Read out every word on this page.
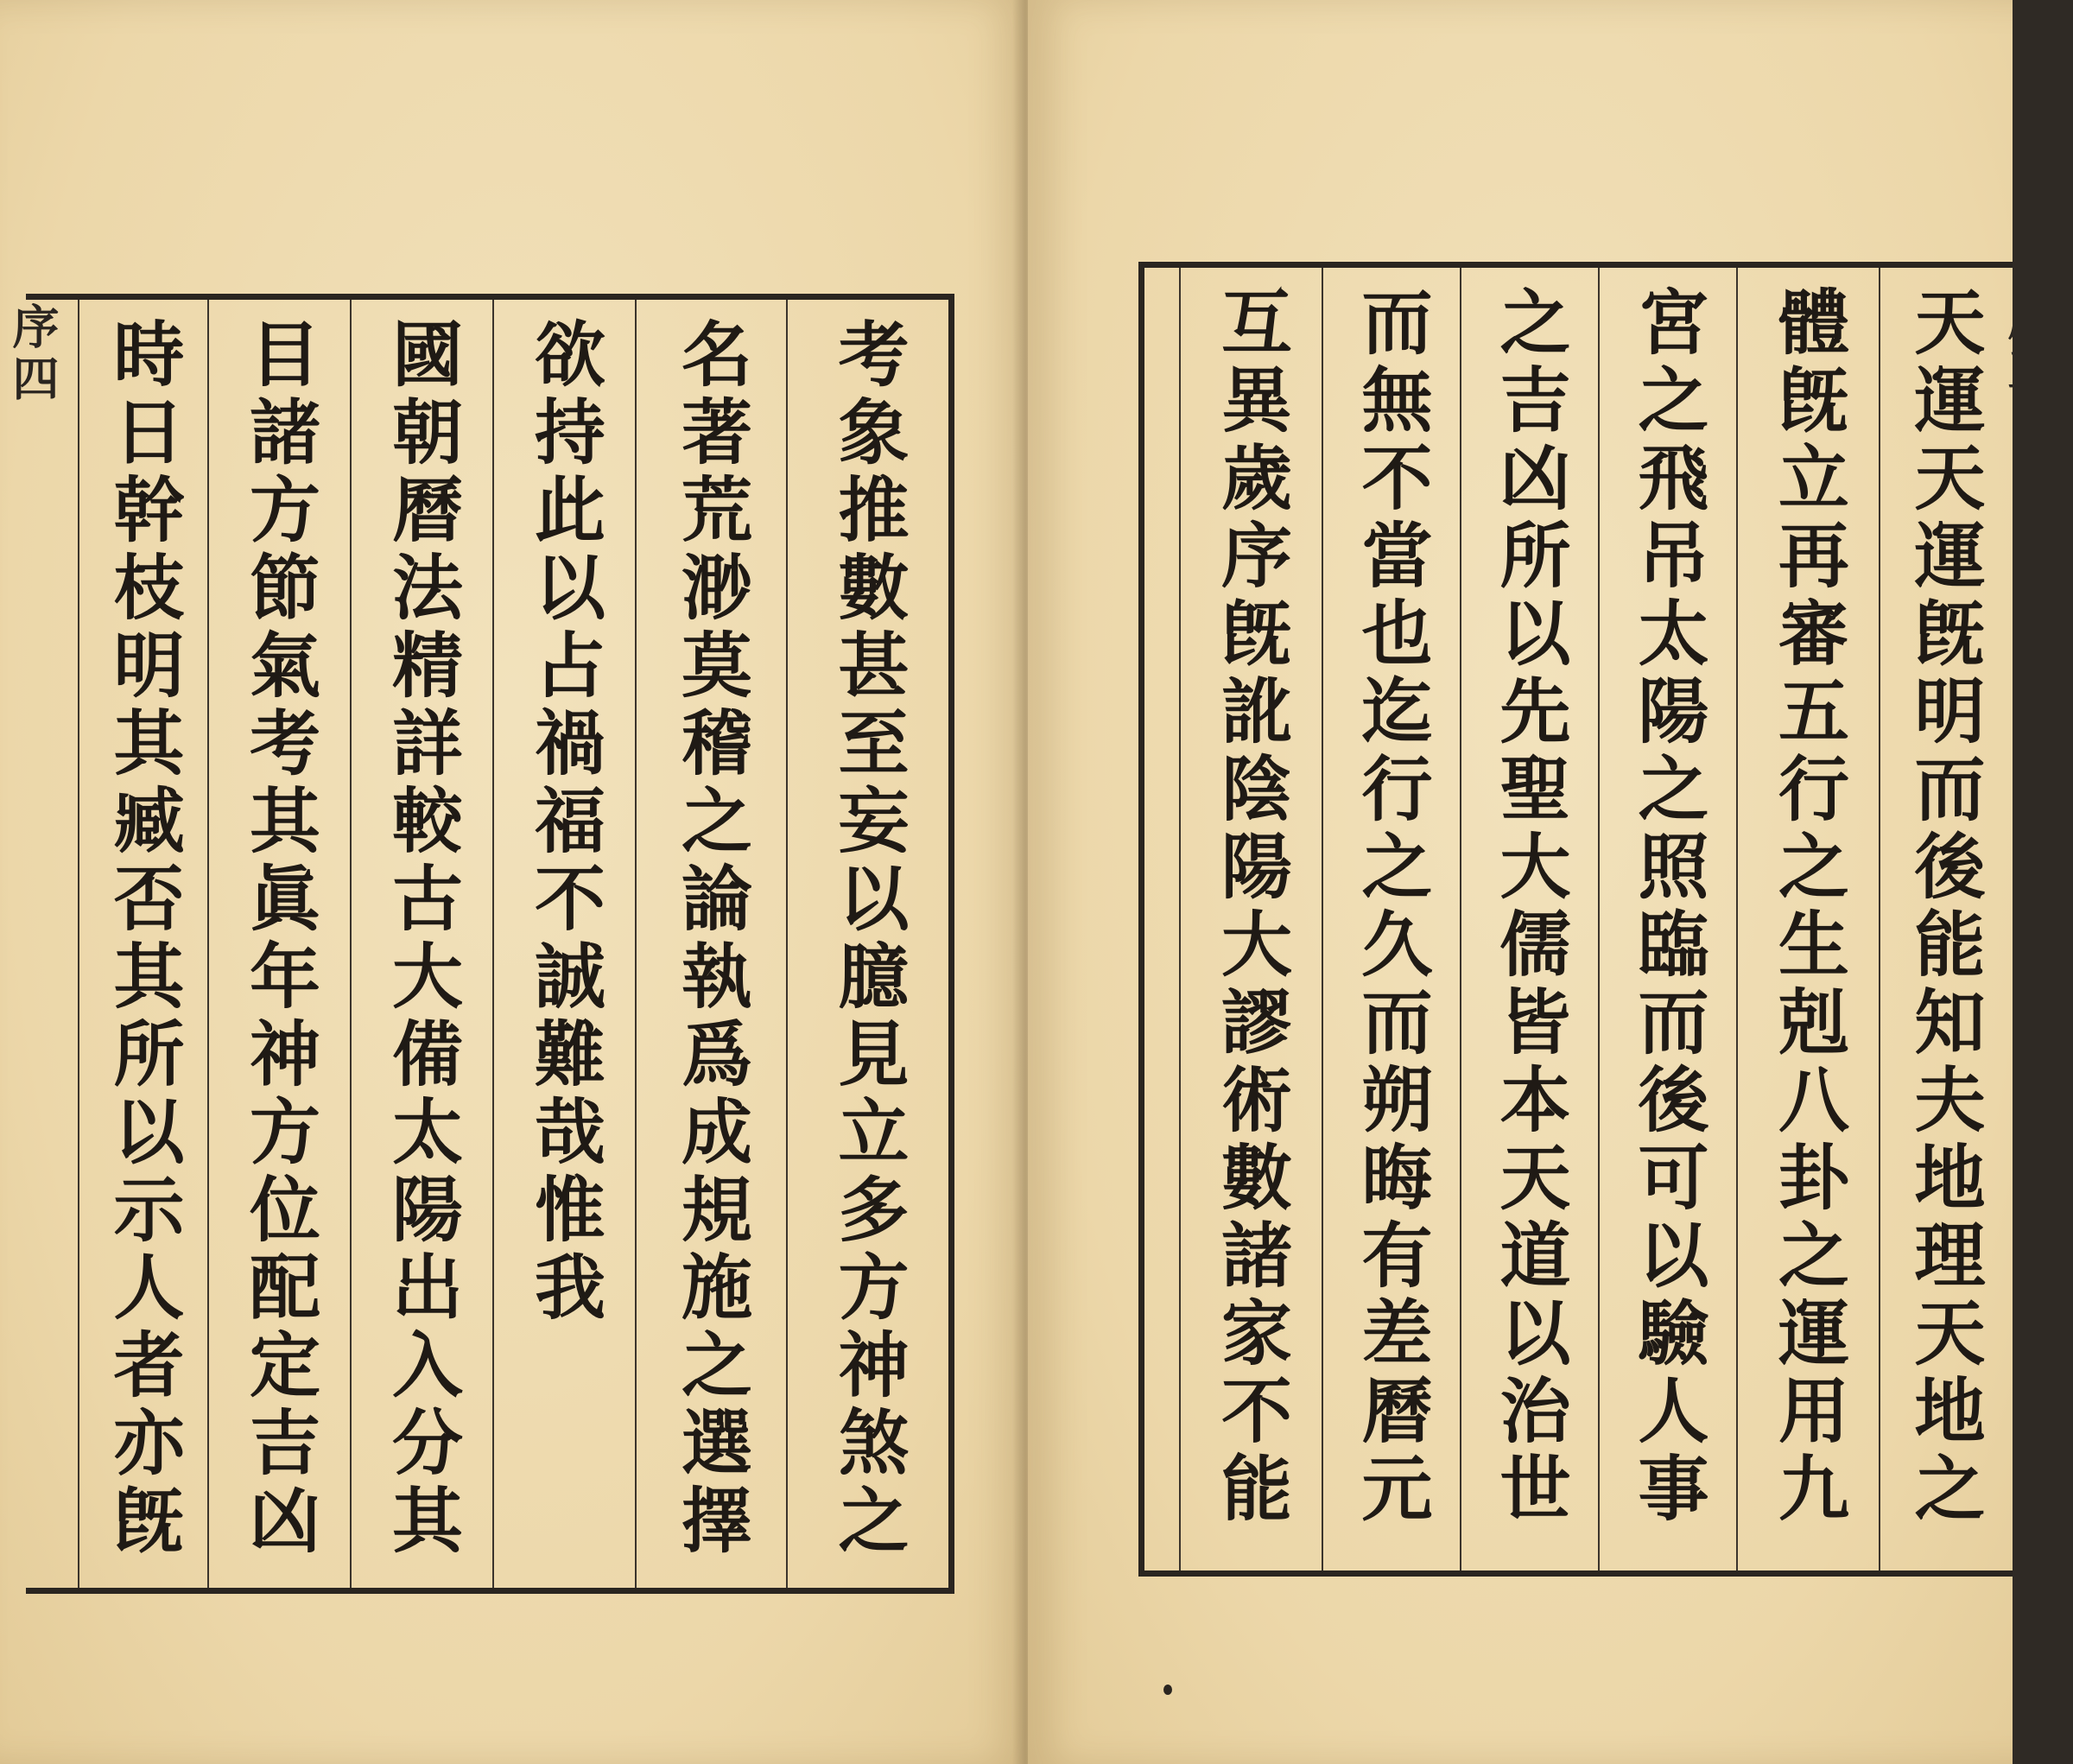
考象推數甚至妄以臆見立多方神煞之
名著荒渺莫稽之論執爲成規施之選擇
欲持此以占禍福不誠難哉惟我
國朝曆法精詳較古大備太陽出入分其
目諸方節氣考其眞年神方位配定吉凶
時日幹枝明其臧否其所以示人者亦旣
序四	天運天運旣明而後能知夫地理天地之
體旣立再審五行之生剋八卦之運用九
宮之飛吊太陽之照臨而後可以驗人事
之吉凶所以先聖大儒皆本天道以治世
而無不當也迄行之久而朔晦有差曆元
互異歲序旣訛陰陽大謬術數諸家不能
